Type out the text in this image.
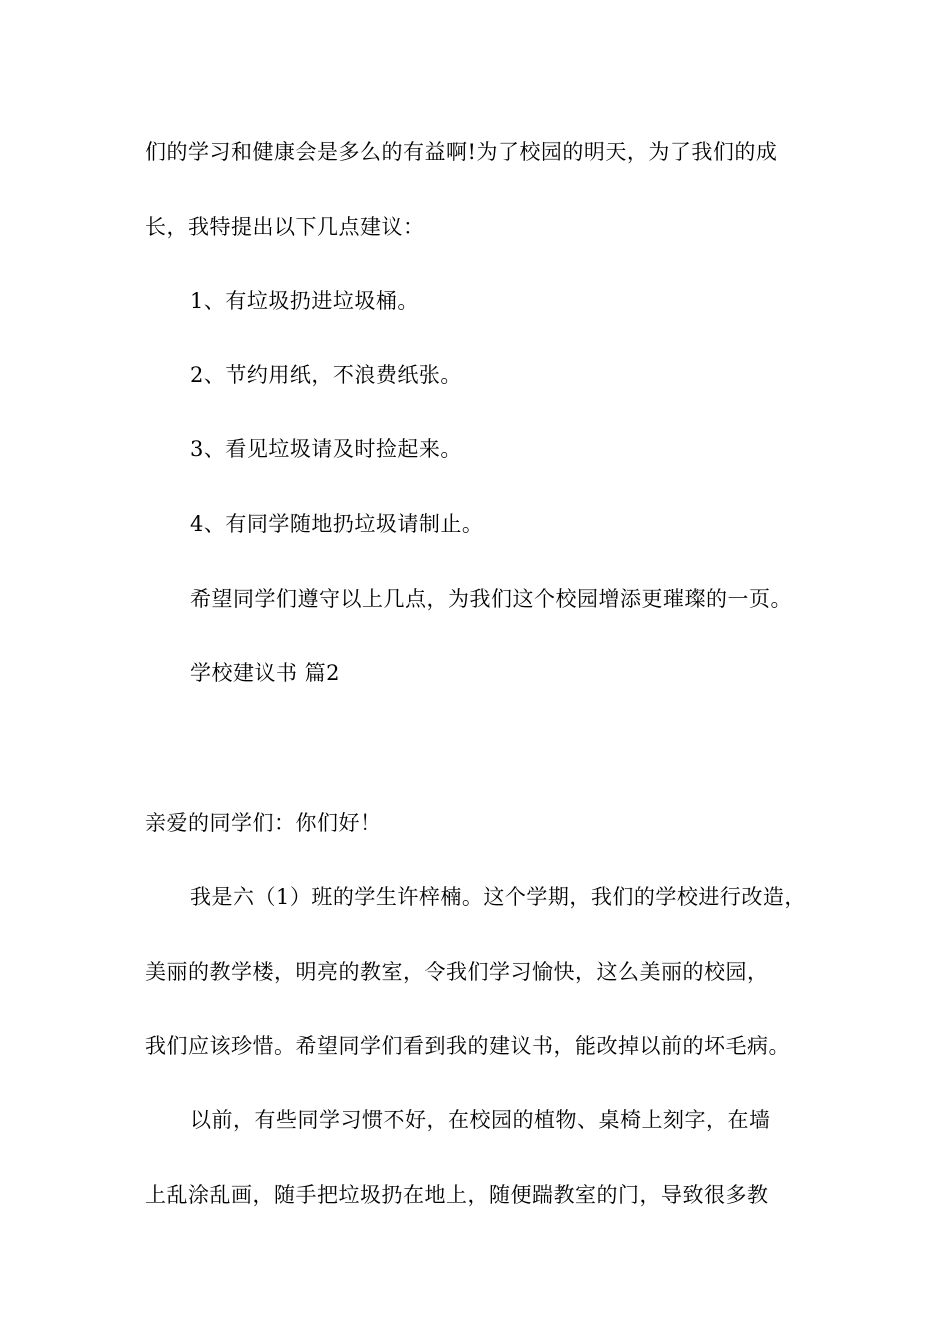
们的学习和健康会是多么的有益啊!为了校园的明天，为了我们的成
长，我特提出以下几点建议：
1、有垃圾扔进垃圾桶。
2、节约用纸，不浪费纸张。
3、看见垃圾请及时捡起来。
4、有同学随地扔垃圾请制止。
希望同学们遵守以上几点，为我们这个校园增添更璀璨的一页。
学校建议书 篇2
亲爱的同学们：你们好！
我是六（1）班的学生许梓楠。这个学期，我们的学校进行改造，
美丽的教学楼，明亮的教室，令我们学习愉快，这么美丽的校园，
我们应该珍惜。希望同学们看到我的建议书，能改掉以前的坏毛病。
以前，有些同学习惯不好，在校园的植物、桌椅上刻字，在墙
上乱涂乱画，随手把垃圾扔在地上，随便踹教室的门，导致很多教
